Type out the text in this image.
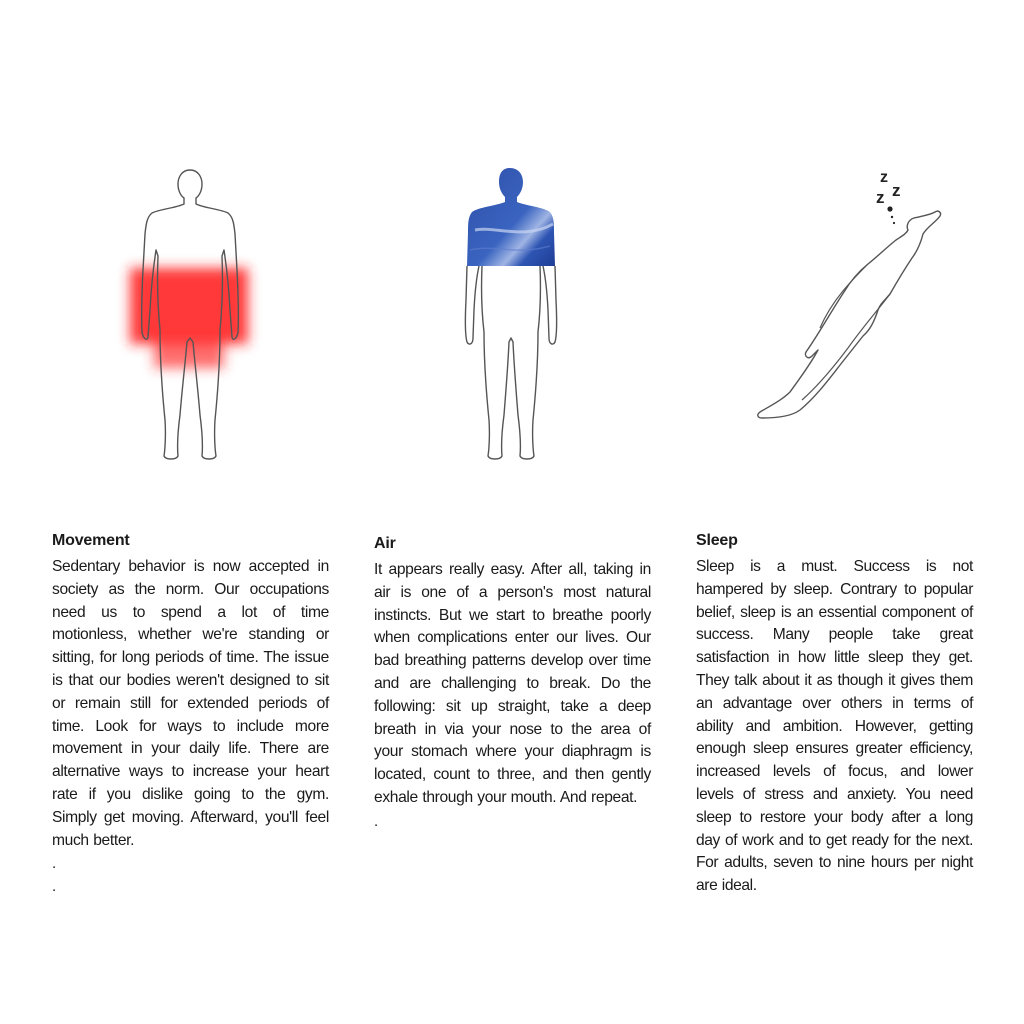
z
z
z
Movement

Sedentary behavior is now accepted in society as the norm. Our occupations need us to spend a lot of time motionless, whether we're standing or sitting, for long periods of time. The issue is that our bodies weren't designed to sit or remain still for extended periods of time. Look for ways to include more movement in your daily life. There are alternative ways to increase your heart rate if you dislike going to the gym. Simply get moving. Afterward, you'll feel much better.

.

.

Air

It appears really easy. After all, taking in air is one of a person's most natural instincts. But we start to breathe poorly when complications enter our lives. Our bad breathing patterns develop over time and are challenging to break. Do the following: sit up straight, take a deep breath in via your nose to the area of your stomach where your diaphragm is located, count to three, and then gently exhale through your mouth. And repeat.

.

Sleep

Sleep is a must. Success is not hampered by sleep. Contrary to popular belief, sleep is an essential component of success. Many people take great satisfaction in how little sleep they get. They talk about it as though it gives them an advantage over others in terms of ability and ambition. However, getting enough sleep ensures greater efficiency, increased levels of focus, and lower levels of stress and anxiety. You need sleep to restore your body after a long day of work and to get ready for the next. For adults, seven to nine hours per night are ideal.
